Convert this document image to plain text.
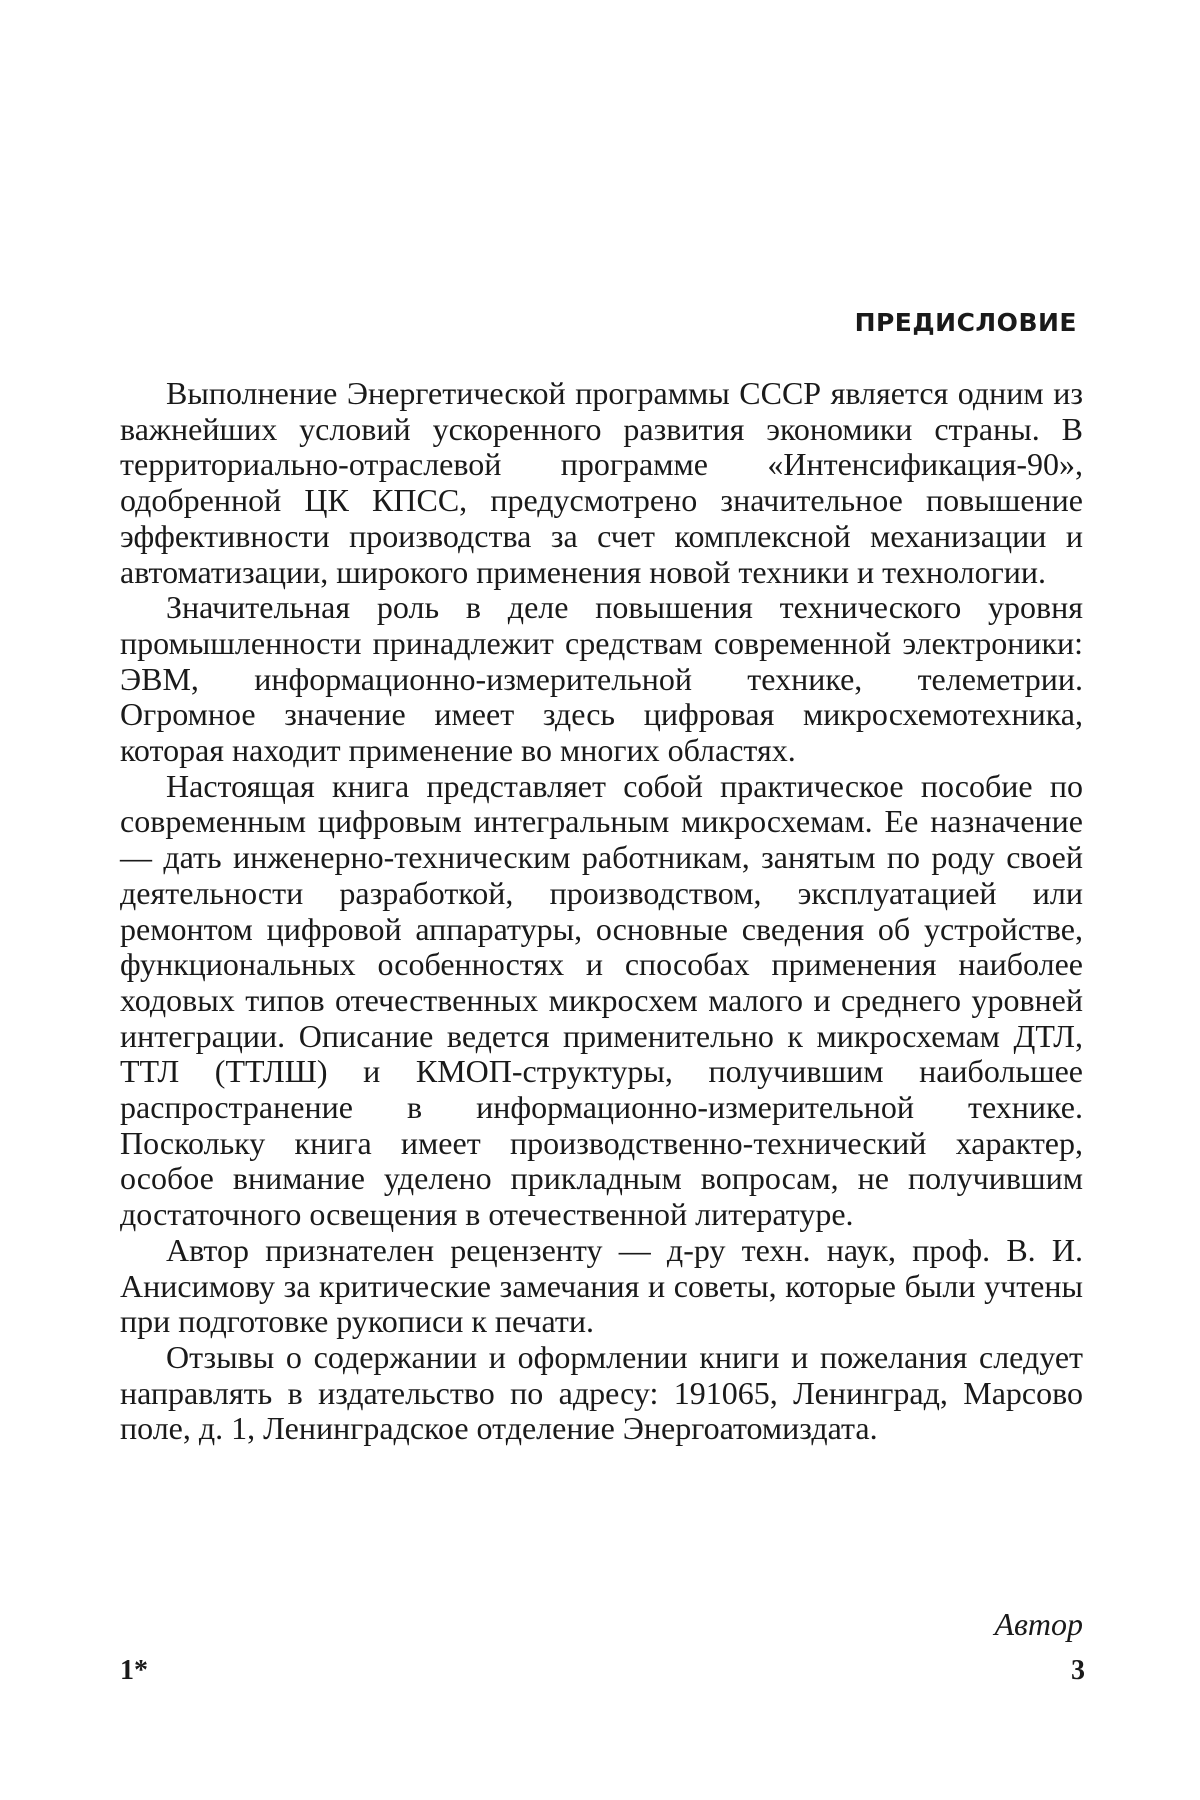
ПРЕДИСЛОВИЕ

Выполнение Энергетической программы СССР является одним из важнейших условий ускоренного развития экономики страны. В территориально-отраслевой программе «Интенсификация-90», одобренной ЦК КПСС, предусмотрено значительное повышение эффективности производства за счет комплексной механизации и автоматизации, широкого применения новой техники и технологии.

Значительная роль в деле повышения технического уровня промышленности принадлежит средствам современной электроники: ЭВМ, информационно-измерительной технике, телеметрии. Огромное значение имеет здесь цифровая микросхемотехника, которая находит применение во многих областях.

Настоящая книга представляет собой практическое пособие по современным цифровым интегральным микросхемам. Ее назначение — дать инженерно-техническим работникам, занятым по роду своей деятельности разработкой, производством, эксплуатацией или ремонтом цифровой аппаратуры, основные сведения об устройстве, функциональных особенностях и способах применения наиболее ходовых типов отечественных микросхем малого и среднего уровней интеграции. Описание ведется применительно к микросхемам ДТЛ, ТТЛ (ТТЛШ) и КМОП-структуры, получившим наибольшее распространение в информационно-измерительной технике. Поскольку книга имеет производственно-технический характер, особое внимание уделено прикладным вопросам, не получившим достаточного освещения в отечественной литературе.

Автор признателен рецензенту — д-ру техн. наук, проф. В. И. Анисимову за критические замечания и советы, которые были учтены при подготовке рукописи к печати.

Отзывы о содержании и оформлении книги и пожелания следует направлять в издательство по адресу: 191065, Ленинград, Марсово поле, д. 1, Ленинградское отделение Энергоатомиздата.

Автор

1*	3
